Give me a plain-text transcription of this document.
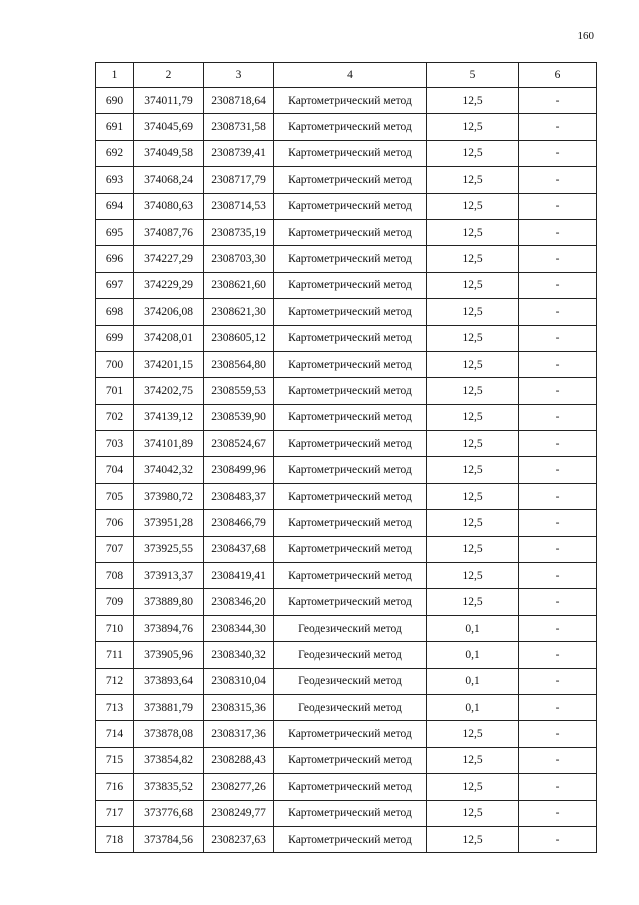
160
1	2	3	4	5	6
690	374011,79	2308718,64	Картометрический метод	12,5	-
691	374045,69	2308731,58	Картометрический метод	12,5	-
692	374049,58	2308739,41	Картометрический метод	12,5	-
693	374068,24	2308717,79	Картометрический метод	12,5	-
694	374080,63	2308714,53	Картометрический метод	12,5	-
695	374087,76	2308735,19	Картометрический метод	12,5	-
696	374227,29	2308703,30	Картометрический метод	12,5	-
697	374229,29	2308621,60	Картометрический метод	12,5	-
698	374206,08	2308621,30	Картометрический метод	12,5	-
699	374208,01	2308605,12	Картометрический метод	12,5	-
700	374201,15	2308564,80	Картометрический метод	12,5	-
701	374202,75	2308559,53	Картометрический метод	12,5	-
702	374139,12	2308539,90	Картометрический метод	12,5	-
703	374101,89	2308524,67	Картометрический метод	12,5	-
704	374042,32	2308499,96	Картометрический метод	12,5	-
705	373980,72	2308483,37	Картометрический метод	12,5	-
706	373951,28	2308466,79	Картометрический метод	12,5	-
707	373925,55	2308437,68	Картометрический метод	12,5	-
708	373913,37	2308419,41	Картометрический метод	12,5	-
709	373889,80	2308346,20	Картометрический метод	12,5	-
710	373894,76	2308344,30	Геодезический метод	0,1	-
711	373905,96	2308340,32	Геодезический метод	0,1	-
712	373893,64	2308310,04	Геодезический метод	0,1	-
713	373881,79	2308315,36	Геодезический метод	0,1	-
714	373878,08	2308317,36	Картометрический метод	12,5	-
715	373854,82	2308288,43	Картометрический метод	12,5	-
716	373835,52	2308277,26	Картометрический метод	12,5	-
717	373776,68	2308249,77	Картометрический метод	12,5	-
718	373784,56	2308237,63	Картометрический метод	12,5	-
